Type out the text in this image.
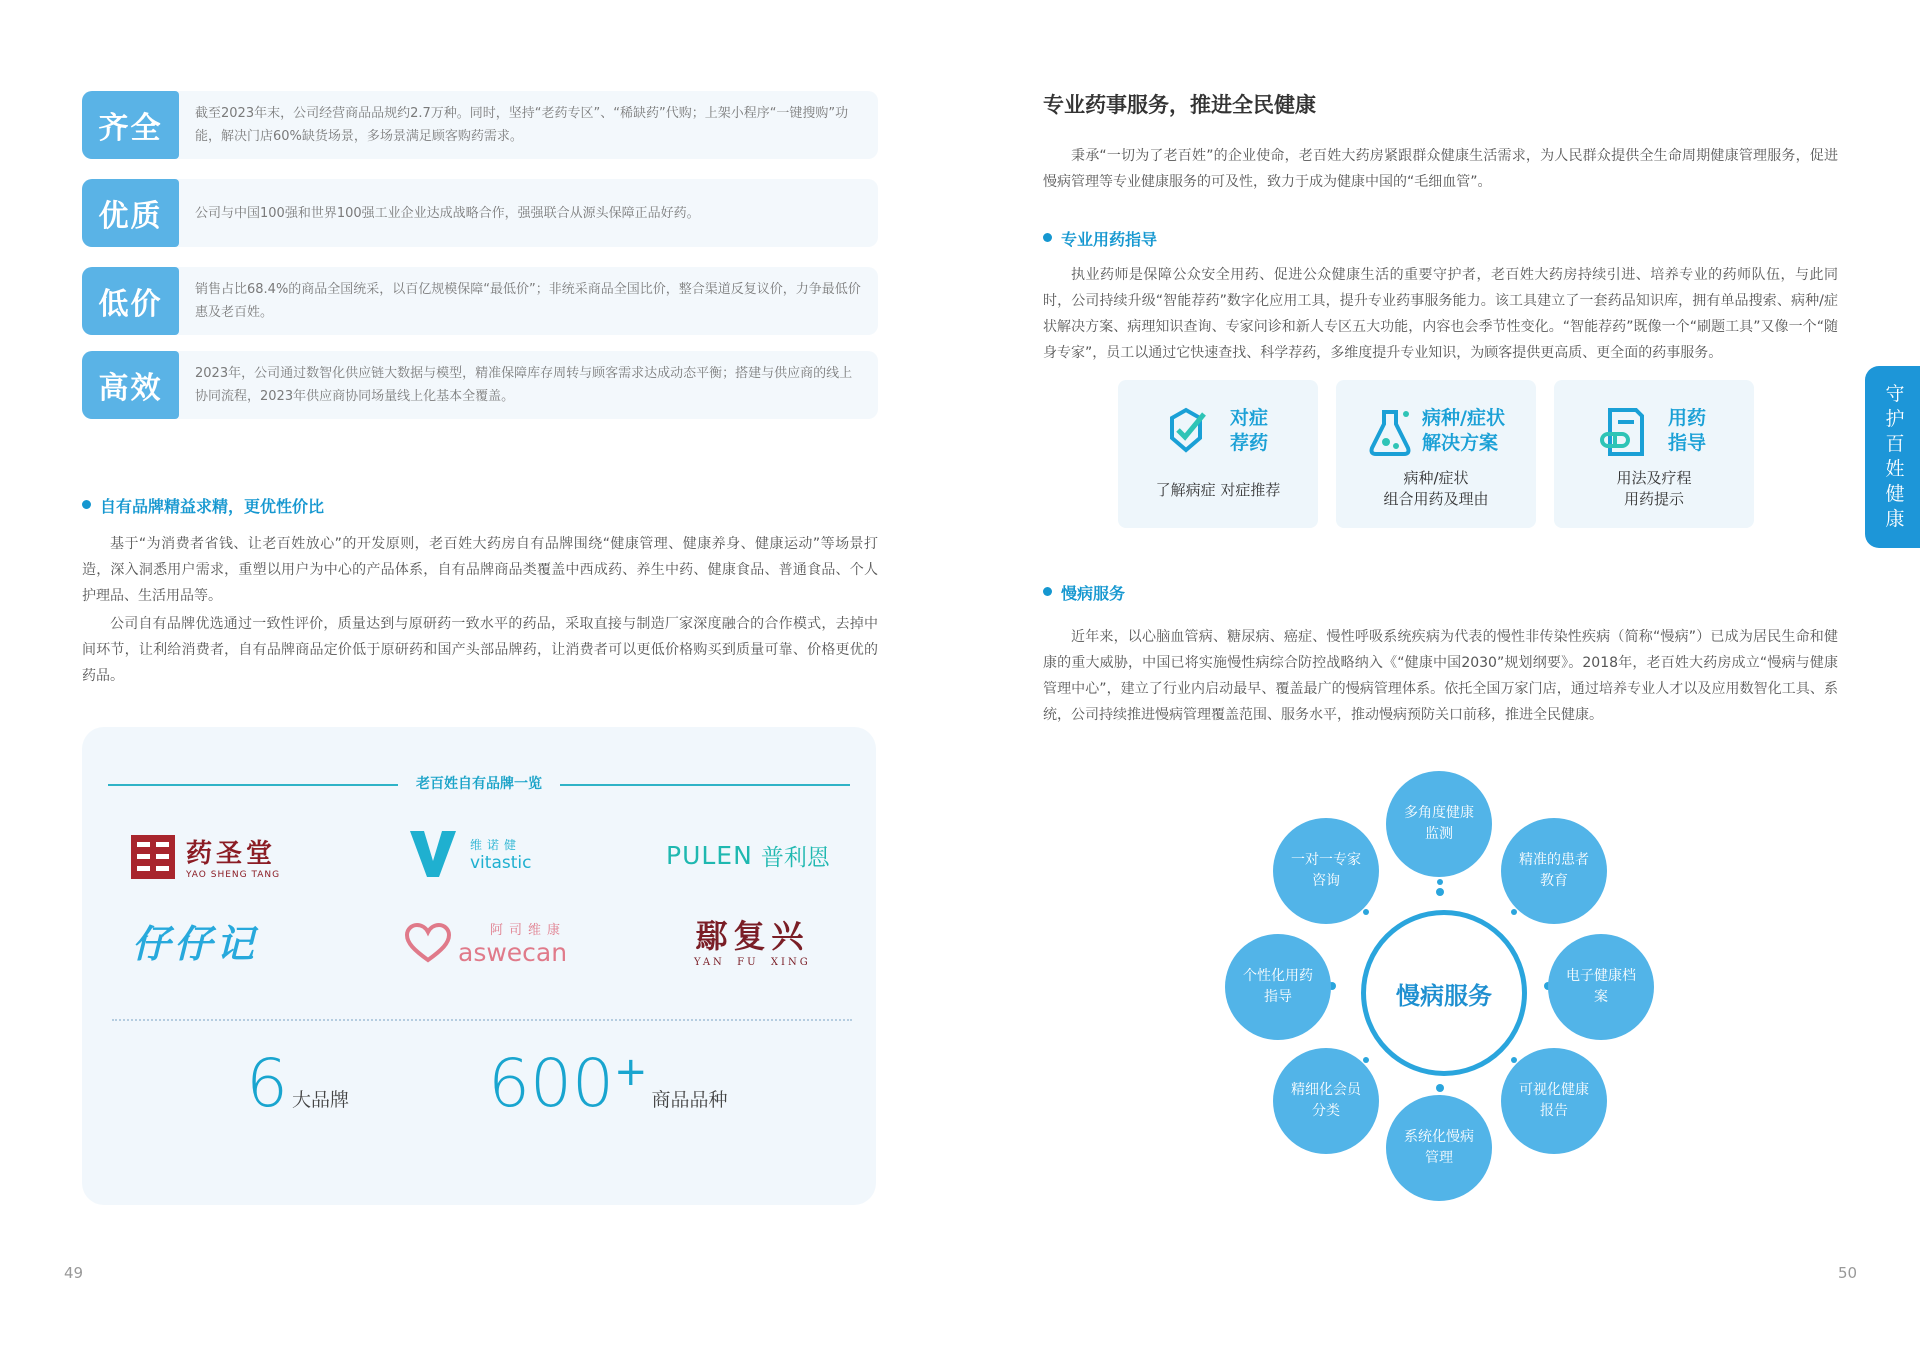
齐全	截至2023年末，公司经营商品品规约2.7万种。同时，坚持“老药专区”、“稀缺药”代购；上架小程序“一键搜购”功能，解决门店60%缺货场景，多场景满足顾客购药需求。
优质	公司与中国100强和世界100强工业企业达成战略合作，强强联合从源头保障正品好药。
低价	销售占比68.4%的商品全国统采，以百亿规模保障“最低价”；非统采商品全国比价，整合渠道反复议价，力争最低价惠及老百姓。
高效	2023年，公司通过数智化供应链大数据与模型，精准保障库存周转与顾客需求达成动态平衡；搭建与供应商的线上协同流程，2023年供应商协同场量线上化基本全覆盖。
自有品牌精益求精，更优性价比

基于“为消费者省钱、让老百姓放心”的开发原则，老百姓大药房自有品牌围绕“健康管理、健康养身、健康运动”等场景打造，深入洞悉用户需求，重塑以用户为中心的产品体系，自有品牌商品类覆盖中西成药、养生中药、健康食品、普通食品、个人护理品、生活用品等。

公司自有品牌优选通过一致性评价，质量达到与原研药一致水平的药品，采取直接与制造厂家深度融合的合作模式，去掉中间环节，让利给消费者，自有品牌商品定价低于原研药和国产头部品牌药，让消费者可以更低价格购买到质量可靠、价格更优的药品。

老百姓自有品牌一览
药圣堂
YAO SHENG TANG
维诺健
vitastic	PULEN 普利恩
仔仔记	阿司维康
aswecan	鄢复兴
YAN  FU  XING
6 大品牌 600 +
商品品种
49
专业药事服务，推进全民健康

秉承“一切为了老百姓”的企业使命，老百姓大药房紧跟群众健康生活需求，为人民群众提供全生命周期健康管理服务，促进慢病管理等专业健康服务的可及性，致力于成为健康中国的“毛细血管”。

专业用药指导

执业药师是保障公众安全用药、促进公众健康生活的重要守护者，老百姓大药房持续引进、培养专业的药师队伍，与此同时，公司持续升级“智能荐药”数字化应用工具，提升专业药事服务能力。该工具建立了一套药品知识库，拥有单品搜索、病种/症状解决方案、病理知识查询、专家问诊和新人专区五大功能，内容也会季节性变化。“智能荐药”既像一个“刷题工具”又像一个“随身专家”，员工以通过它快速查找、科学荐药，多维度提升专业知识，为顾客提供更高质、更全面的药事服务。

对症
荐药
了解病症 对症推荐
病种/症状
解决方案
病种/症状
组合用药及理由
用药
指导
用法及疗程
用药提示
守护百姓健康
慢病服务

近年来，以心脑血管病、糖尿病、癌症、慢性呼吸系统疾病为代表的慢性非传染性疾病（简称“慢病”）已成为居民生命和健康的重大威胁，中国已将实施慢性病综合防控战略纳入《“健康中国2030”规划纲要》。2018年，老百姓大药房成立“慢病与健康管理中心”，建立了行业内启动最早、覆盖最广的慢病管理体系。依托全国万家门店，通过培养专业人才以及应用数智化工具、系统，公司持续推进慢病管理覆盖范围、服务水平，推动慢病预防关口前移，推进全民健康。

慢病服务
多角度健康监测
精准的患者教育
电子健康档案
可视化健康报告
系统化慢病管理
精细化会员分类
个性化用药指导
一对一专家咨询
50
